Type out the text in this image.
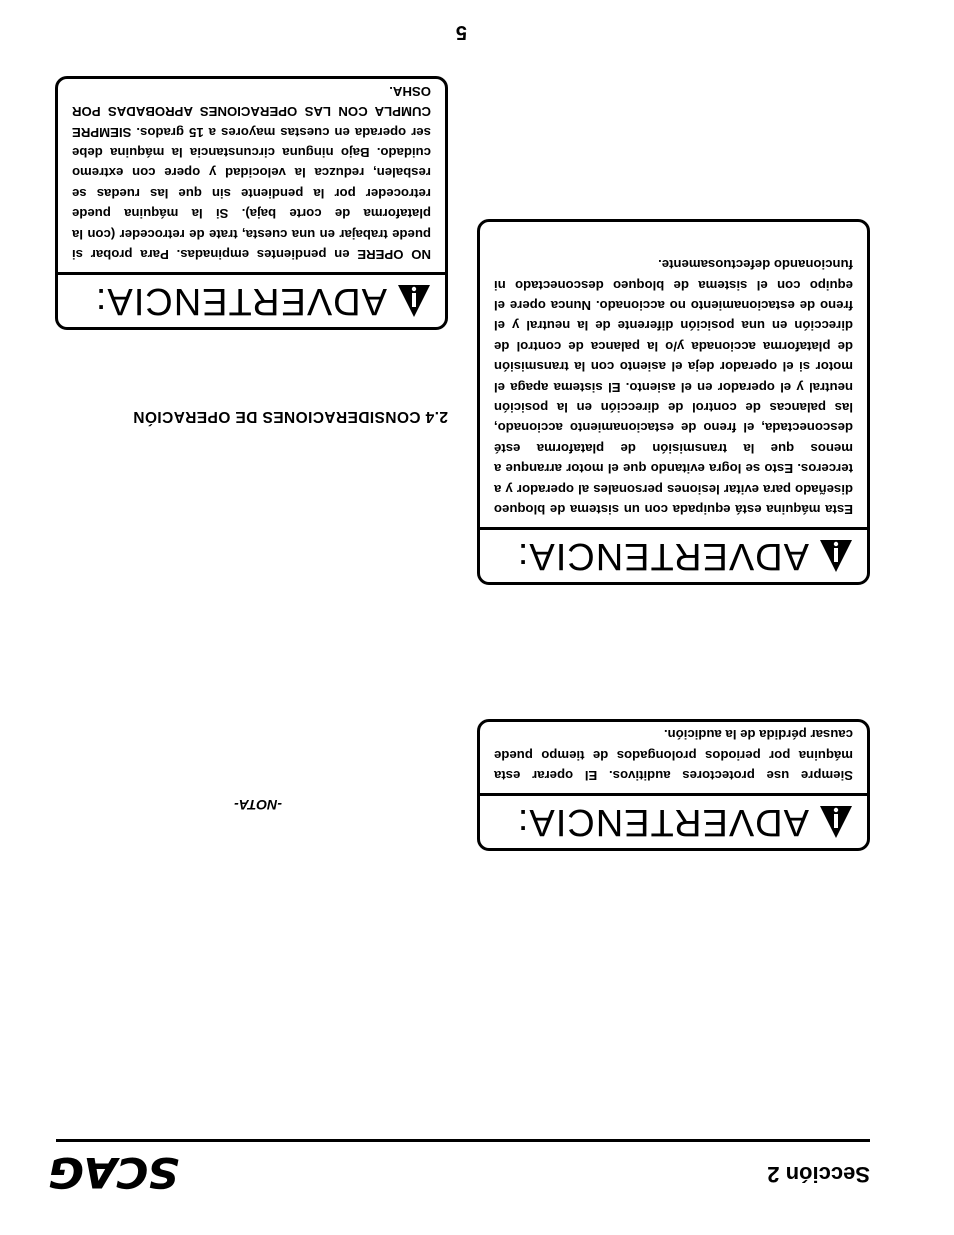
5
ADVERTENCIA:
NO OPERE en pendientes empinadas. Para probar si puede trabajar en una cuesta, trate de retroceder (con la plataforma de corte baja). Si la máquina puede retroceder por la pendiente sin que las ruedas se resbalen, reduzca la velocidad y opere con extremo cuidado. Bajo ninguna circunstancia la máquina debe ser operada en cuestas mayores a 15 grados. SIEMPRE CUMPLA CON LAS OPERACIONES APROBADAS POR OSHA.
2.4 CONSIDERACIONES DE OPERACIÓN
ADVERTENCIA:
Esta máquina está equipada con un sistema de bloqueo diseñado para evitar lesiones personales al operador y a terceros. Esto se logra evitando que el motor arranque a menos que la transmisión de plataforma esté desconectada, el freno de estacionamiento accionado, las palancas de control de dirección en la posición neutral y el operador en el asiento. El sistema apaga el motor si el operador deja el asiento con la transmisión de plataforma accionada y/o la palanca de control de dirección en una posición diferente de la neutral y el freno de estacionamiento no accionado. Nunca opere el equipo con el sistema de bloqueo desconectado ni funcionando defectuosamente.
ADVERTENCIA:
Siempre use protectores auditivos. El operar esta máquina por periodos prolongados de tiempo puede causar pérdida de la audición.
-NOTA-
Sección 2
SCAG
